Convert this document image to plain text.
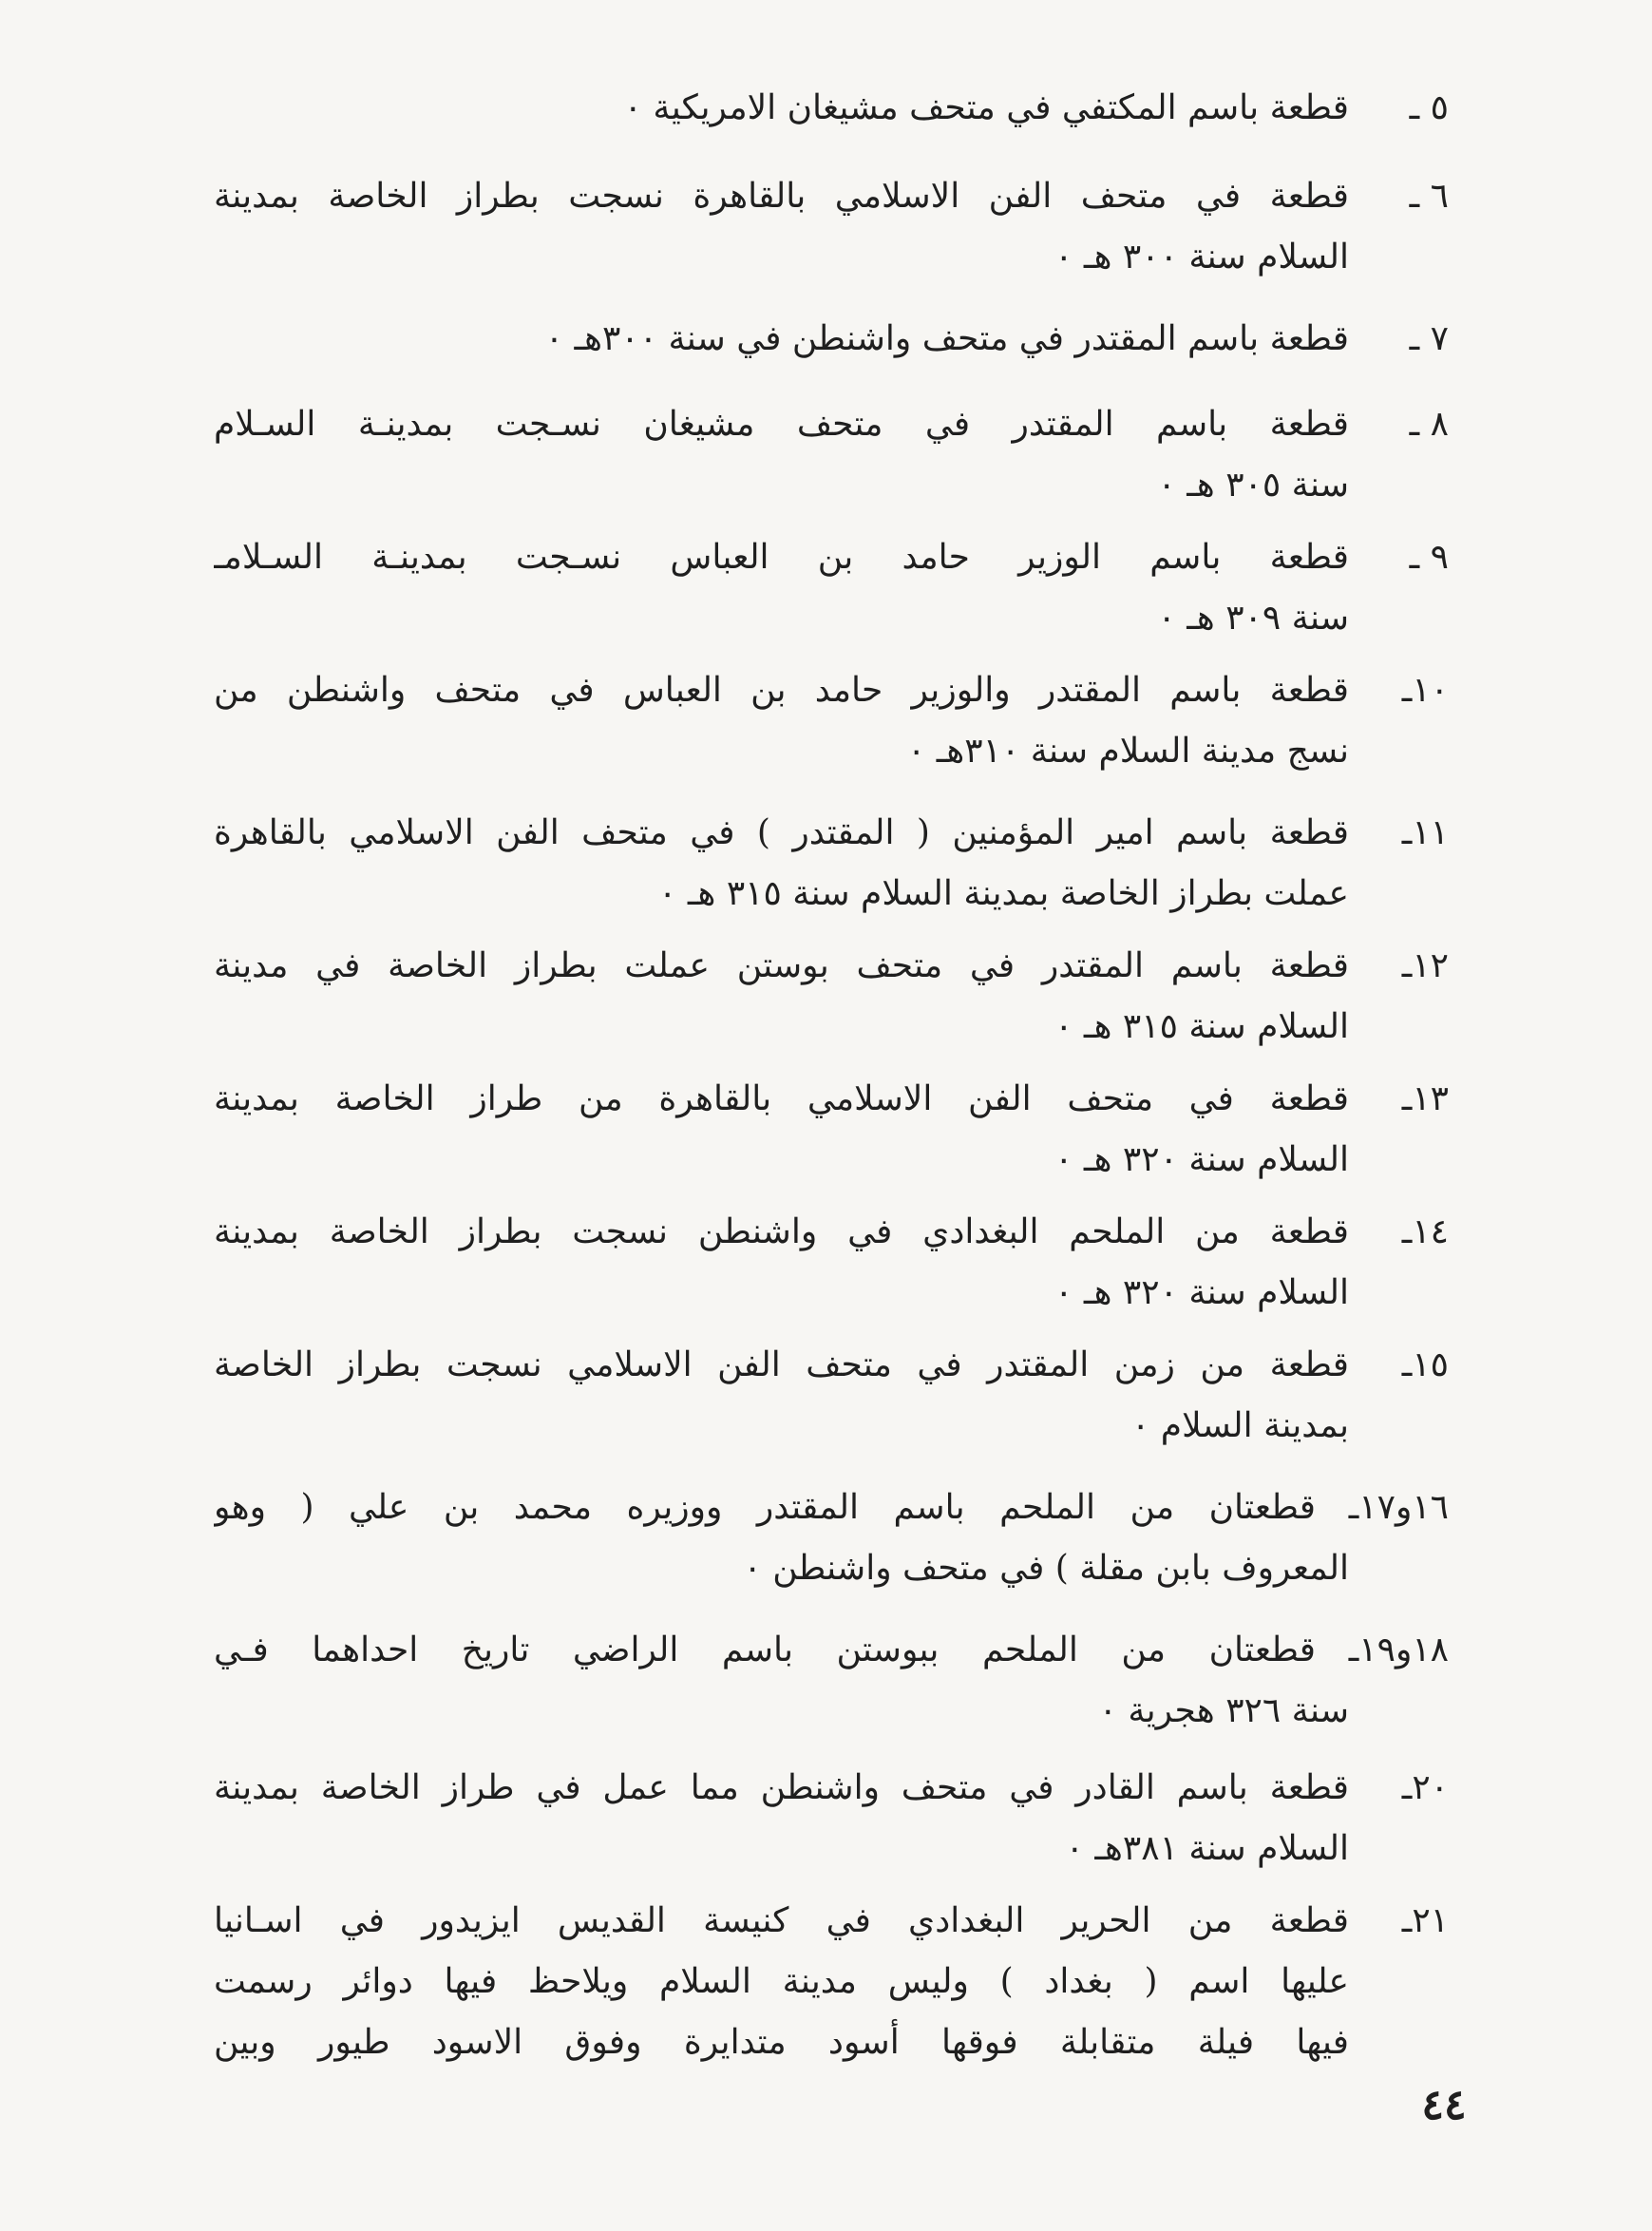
٥ ـ
قطعة باسم المكتفي في متحف مشيغان الامريكية ٠
٦ ـ
قطعة في متحف الفن الاسلامي بالقاهرة نسجت بطراز الخاصة بمدينة
السلام سنة ٣٠٠ هـ ٠
٧ ـ
قطعة باسم المقتدر في متحف واشنطن في سنة ٣٠٠هـ ٠
٨ ـ
قطعة باسم المقتدر في متحف مشيغان نسـجت بمدينـة السـلام
سنة ٣٠٥ هـ ٠
٩ ـ
قطعة باسم الوزير حامد بن العباس نسـجت بمدينـة السـلامـ
سنة ٣٠٩ هـ ٠
١٠ـ
قطعة باسم المقتدر والوزير حامد بن العباس في متحف واشنطن من
نسج مدينة السلام سنة ٣١٠هـ ٠
١١ـ
قطعة باسم امير المؤمنين ( المقتدر ) في متحف الفن الاسلامي بالقاهرة
عملت بطراز الخاصة بمدينة السلام سنة ٣١٥ هـ ٠
١٢ـ
قطعة باسم المقتدر في متحف بوستن عملت بطراز الخاصة في مدينة
السلام سنة ٣١٥ هـ ٠
١٣ـ
قطعة في متحف الفن الاسلامي بالقاهرة من طراز الخاصة بمدينة
السلام سنة ٣٢٠ هـ ٠
١٤ـ
قطعة من الملحم البغدادي في واشنطن نسجت بطراز الخاصة بمدينة
السلام سنة ٣٢٠ هـ ٠
١٥ـ
قطعة من زمن المقتدر في متحف الفن الاسلامي نسجت بطراز الخاصة
بمدينة السلام ٠
١٦و١٧ـ
قطعتان من الملحم باسم المقتدر ووزيره محمد بن علي ( وهو
المعروف بابن مقلة ) في متحف واشنطن ٠
١٨و١٩ـ
قطعتان من الملحم ببوستن باسم الراضي تاريخ احداهما فـي
سنة ٣٢٦ هجرية ٠
٢٠ـ
قطعة باسم القادر في متحف واشنطن مما عمل في طراز الخاصة بمدينة
السلام سنة ٣٨١هـ ٠
٢١ـ
قطعة من الحرير البغدادي في كنيسة القديس ايزيدور في اسـانيا
عليها اسم ( بغداد ) وليس مدينة السلام ويلاحظ فيها دوائر رسمت
فيها فيلة متقابلة فوقها أسود متدايرة وفوق الاسود طيور وبين
٤٤
